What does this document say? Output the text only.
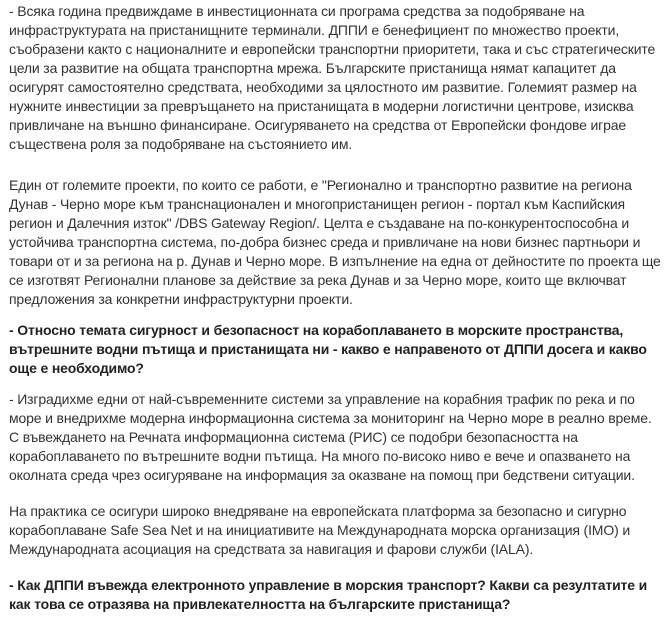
- Всяка година предвиждаме в инвестиционната си програма средства за подобряване на инфраструктурата на пристанищните терминали. ДППИ е бенефициент по множество проекти, съобразени както с националните и европейски транспортни приоритети, така и със стратегическите цели за развитие на общата транспортна мрежа. Българските пристанища нямат капацитет да осигурят самостоятелно средствата, необходими за цялостното им развитие. Големият размер на нужните инвестиции за превръщането на пристанищата в модерни логистични центрове, изисква привличане на външно финансиране. Осигуряването на средства от Европейски фондове играе съществена роля за подобряване на състоянието им.

Един от големите проекти, по които се работи, е "Регионално и транспортно развитие на региона Дунав - Черно море към транснационален и многопристанищен регион - портал към Каспийския регион и Далечния изток" /DBS Gateway Region/. Целта е създаване на по-конкурентоспособна и устойчива транспортна система, по-добра бизнес среда и привличане на нови бизнес партньори и товари от и за региона на р. Дунав и Черно море. В изпълнение на една от дейностите по проекта ще се изготвят Регионални планове за действие за река Дунав и за Черно море, които ще включват предложения за конкретни инфраструктурни проекти.

- Относно темата сигурност и безопасност на корабоплаването в морските пространства, вътрешните водни пътища и пристанищата ни - какво е направеното от ДППИ досега и какво още е необходимо?

- Изградихме едни от най-съвременните системи за управление на корабния трафик по река и по море и внедрихме модерна информационна система за мониторинг на Черно море в реално време. С въвеждането на Речната информационна система (РИС) се подобри безопасността на корабоплаването по вътрешните водни пътища. На много по-високо ниво е вече и опазването на околната среда чрез осигуряване на информация за оказване на помощ при бедствени ситуации.

На практика се осигури широко внедряване на европейската платформа за безопасно и сигурно корабоплаване Safe Sea Net и на инициативите на Международната морска организация (IMO) и Международната асоциация на средствата за навигация и фарови служби (IALA).

- Как ДППИ въвежда електронното управление в морския транспорт? Какви са резултатите и как това се отразява на привлекателността на българските пристанища?
